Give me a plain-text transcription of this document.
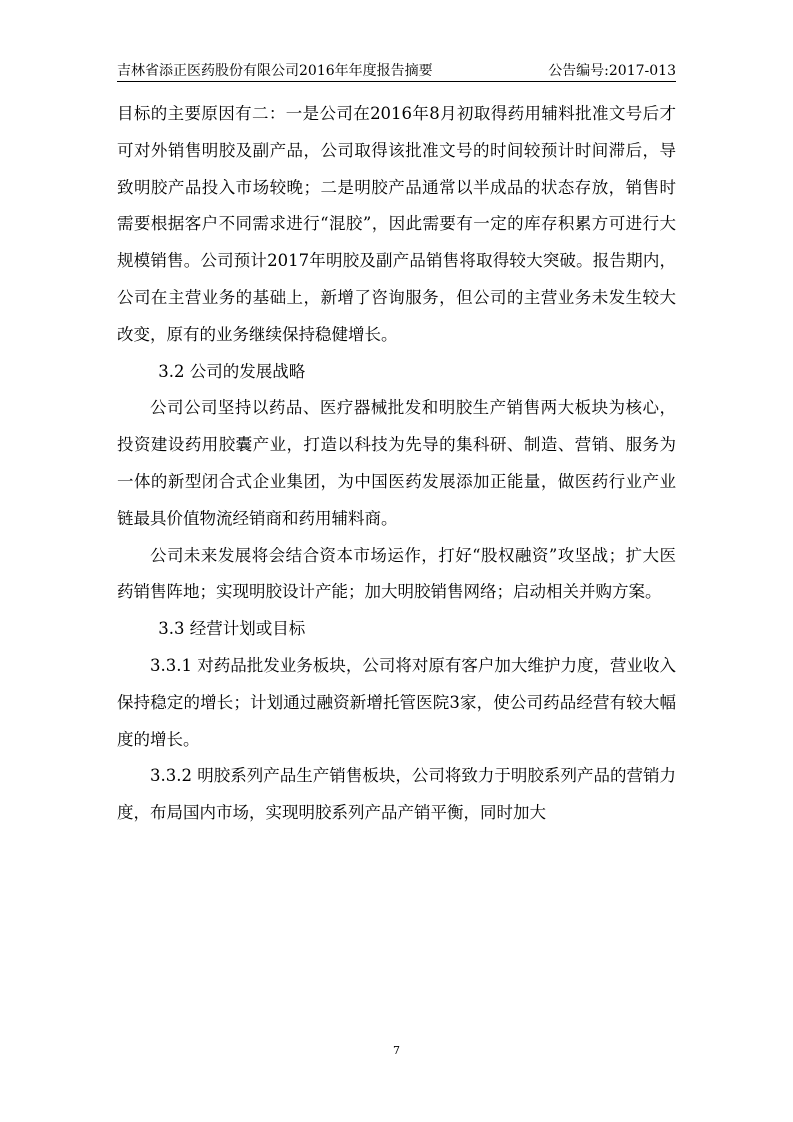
吉林省添正医药股份有限公司2016年年度报告摘要	公告编号:2017-013

目标的主要原因有二：一是公司在2016年8月初取得药用辅料批准文号后才可对外销售明胶及副产品，公司取得该批准文号的时间较预计时间滞后，导致明胶产品投入市场较晚；二是明胶产品通常以半成品的状态存放，销售时需要根据客户不同需求进行“混胶”，因此需要有一定的库存积累方可进行大规模销售。公司预计2017年明胶及副产品销售将取得较大突破。报告期内，公司在主营业务的基础上，新增了咨询服务，但公司的主营业务未发生较大改变，原有的业务继续保持稳健增长。

3.2 公司的发展战略

公司公司坚持以药品、医疗器械批发和明胶生产销售两大板块为核心，投资建设药用胶囊产业，打造以科技为先导的集科研、制造、营销、服务为一体的新型闭合式企业集团，为中国医药发展添加正能量，做医药行业产业链最具价值物流经销商和药用辅料商。

公司未来发展将会结合资本市场运作，打好“股权融资”攻坚战；扩大医药销售阵地；实现明胶设计产能；加大明胶销售网络；启动相关并购方案。

3.3 经营计划或目标

3.3.1 对药品批发业务板块，公司将对原有客户加大维护力度，营业收入保持稳定的增长；计划通过融资新增托管医院3家，使公司药品经营有较大幅度的增长。

3.3.2 明胶系列产品生产销售板块，公司将致力于明胶系列产品的营销力度，布局国内市场，实现明胶系列产品产销平衡，同时加大

7
